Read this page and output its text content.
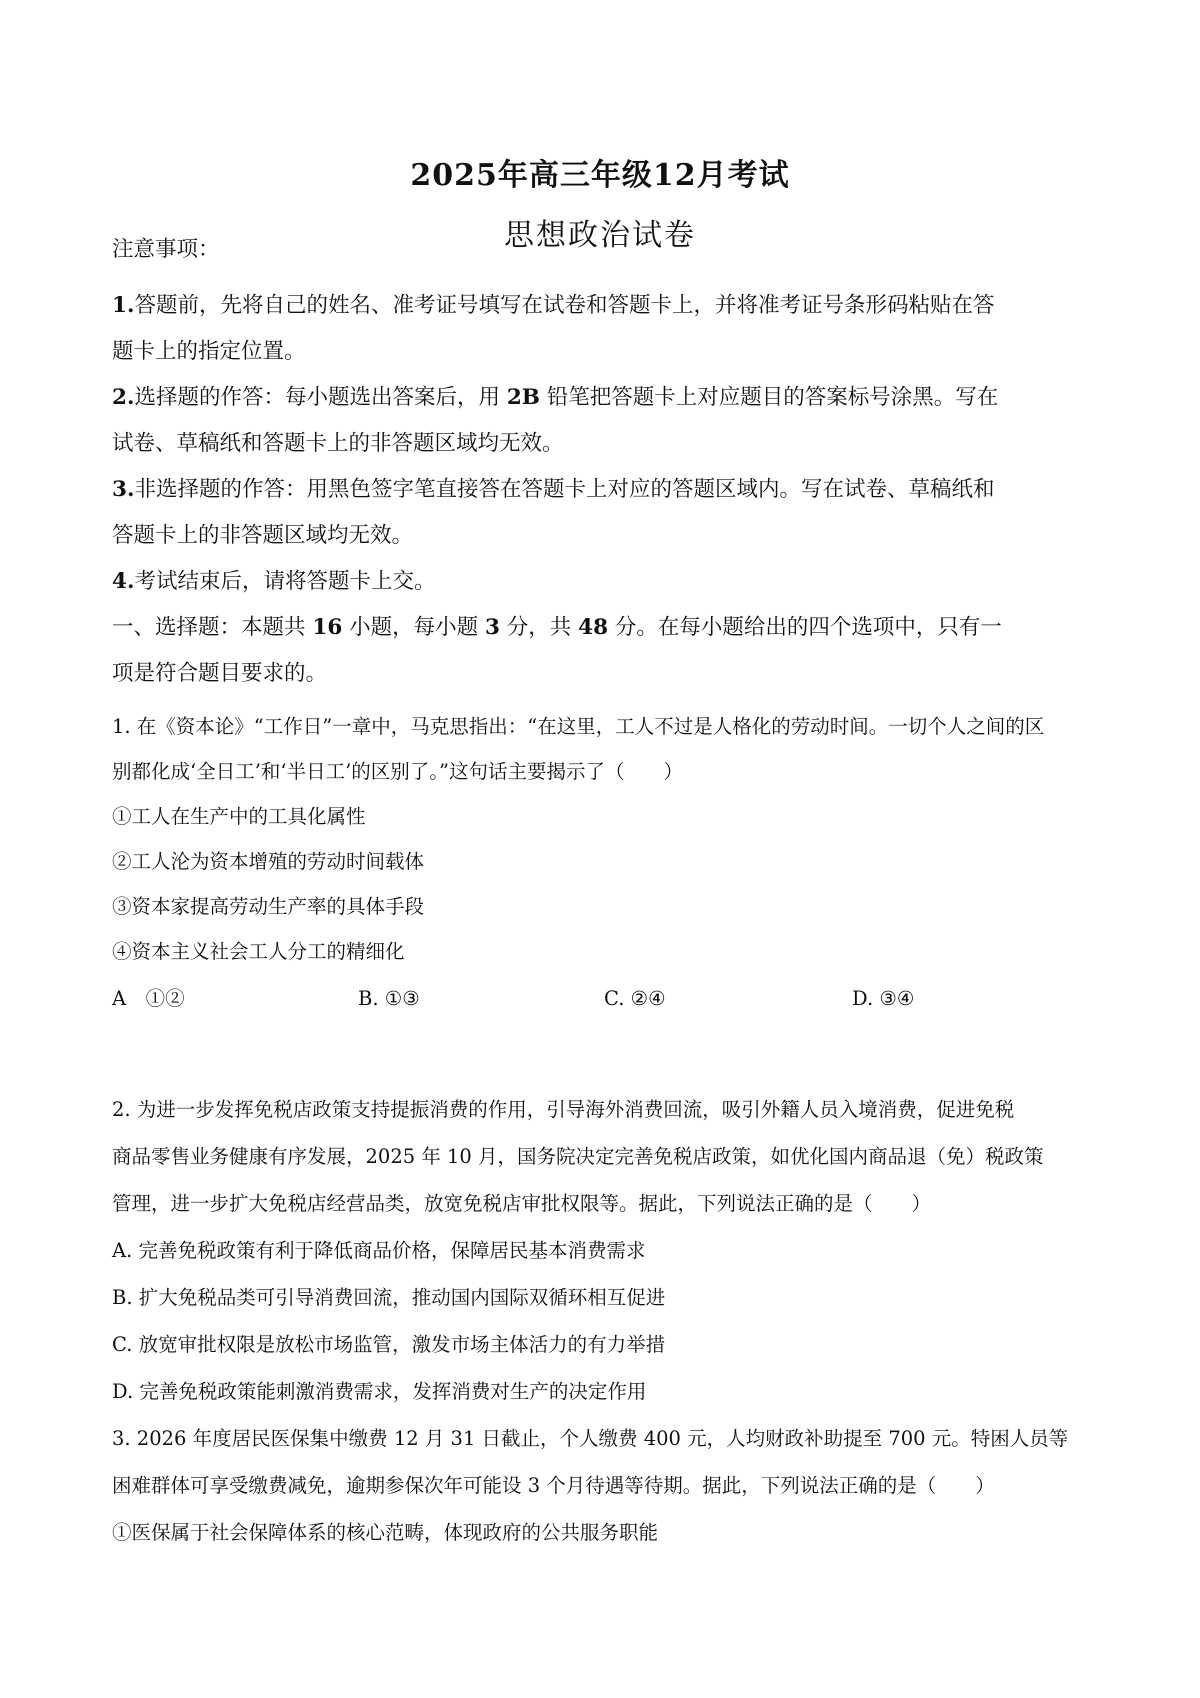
2025年高三年级12月考试
思想政治试卷
注意事项：
1.答题前，先将自己的姓名、准考证号填写在试卷和答题卡上，并将准考证号条形码粘贴在答
题卡上的指定位置。
2.选择题的作答：每小题选出答案后，用 2B 铅笔把答题卡上对应题目的答案标号涂黑。写在
试卷、草稿纸和答题卡上的非答题区域均无效。
3.非选择题的作答：用黑色签字笔直接答在答题卡上对应的答题区域内。写在试卷、草稿纸和
答题卡上的非答题区域均无效。
4.考试结束后，请将答题卡上交。
一、选择题：本题共 16 小题，每小题 3 分，共 48 分。在每小题给出的四个选项中，只有一
项是符合题目要求的。
1. 在《资本论》“工作日”一章中，马克思指出：“在这里，工人不过是人格化的劳动时间。一切个人之间的区
别都化成‘全日工’和‘半日工’的区别了。”这句话主要揭示了（　　）
①工人在生产中的工具化属性
②工人沦为资本增殖的劳动时间载体
③资本家提高劳动生产率的具体手段
④资本主义社会工人分工的精细化
A　①②	B. ①③	C. ②④	D. ③④
2. 为进一步发挥免税店政策支持提振消费的作用，引导海外消费回流，吸引外籍人员入境消费，促进免税
商品零售业务健康有序发展，2025 年 10 月，国务院决定完善免税店政策，如优化国内商品退（免）税政策
管理，进一步扩大免税店经营品类，放宽免税店审批权限等。据此，下列说法正确的是（　　）
A. 完善免税政策有利于降低商品价格，保障居民基本消费需求
B. 扩大免税品类可引导消费回流，推动国内国际双循环相互促进
C. 放宽审批权限是放松市场监管，激发市场主体活力的有力举措
D. 完善免税政策能刺激消费需求，发挥消费对生产的决定作用
3. 2026 年度居民医保集中缴费 12 月 31 日截止，个人缴费 400 元，人均财政补助提至 700 元。特困人员等
困难群体可享受缴费减免，逾期参保次年可能设 3 个月待遇等待期。据此，下列说法正确的是（　　）
①医保属于社会保障体系的核心范畴，体现政府的公共服务职能
